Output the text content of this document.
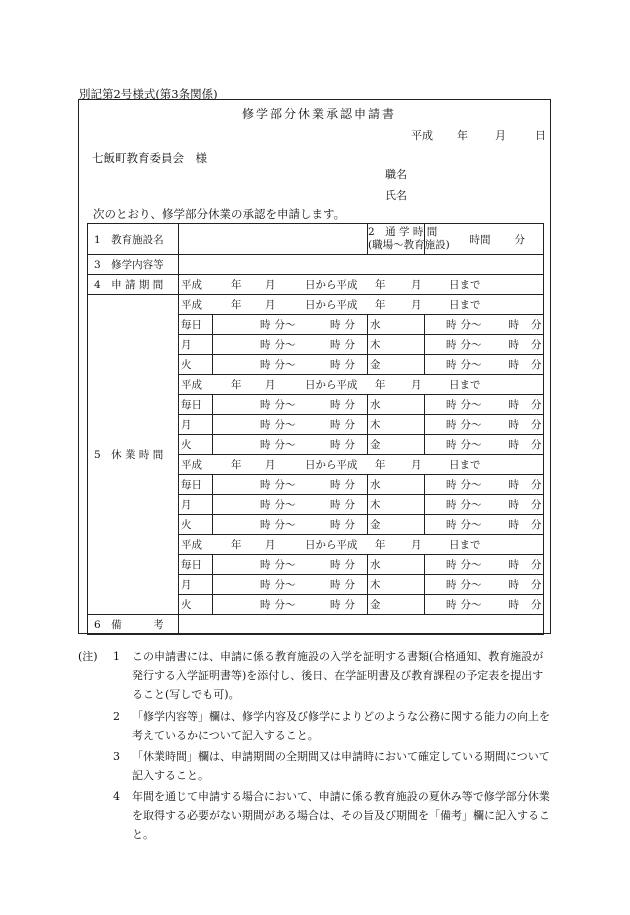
別記第2号様式(第3条関係)
修学部分休業承認申請書
平成 年 月	日
七飯町教育委員会　様
職名
氏名
次のとおり、修学部分休業の承認を申請します。
1　教育施設名						2　通 学 時 間
(職場～教育施設)	時間 分		
3　修学内容等									
4　申 請 期 間	平成 年 月 日から平成 年 月 日まで								
5　休 業 時 間	平成 年 月 日から平成 年 月 日まで								
	毎日	時	分～	時	分	水	時	分～	時 分
	月	時	分～	時	分	木	時	分～	時 分
	火	時	分～	時	分	金	時	分～	時 分
	平成 年 月 日から平成 年 月 日まで								
	毎日	時	分～	時	分	水	時	分～	時 分
	月	時	分～	時	分	木	時	分～	時 分
	火	時	分～	時	分	金	時	分～	時 分
	平成 年 月 日から平成 年 月 日まで								
	毎日	時	分～	時	分	水	時	分～	時 分
	月	時	分～	時	分	木	時	分～	時 分
	火	時	分～	時	分	金	時	分～	時 分
	平成 年 月 日から平成 年 月 日まで								
	毎日	時	分～	時	分	水	時	分～	時 分
	月	時	分～	時	分	木	時	分～	時 分
	火	時	分～	時	分	金	時	分～	時 分
6　備　　　考									
(注) 1 この申請書には、申請に係る教育施設の入学を証明する書類(合格通知、教育施設が発行する入学証明書等)を添付し、後日、在学証明書及び教育課程の予定表を提出すること(写しでも可)。
2 「修学内容等」欄は、修学内容及び修学によりどのような公務に関する能力の向上を考えているかについて記入すること。
3 「休業時間」欄は、申請期間の全期間又は申請時において確定している期間について記入すること。
4 年間を通じて申請する場合において、申請に係る教育施設の夏休み等で修学部分休業を取得する必要がない期間がある場合は、その旨及び期間を「備考」欄に記入すること。
